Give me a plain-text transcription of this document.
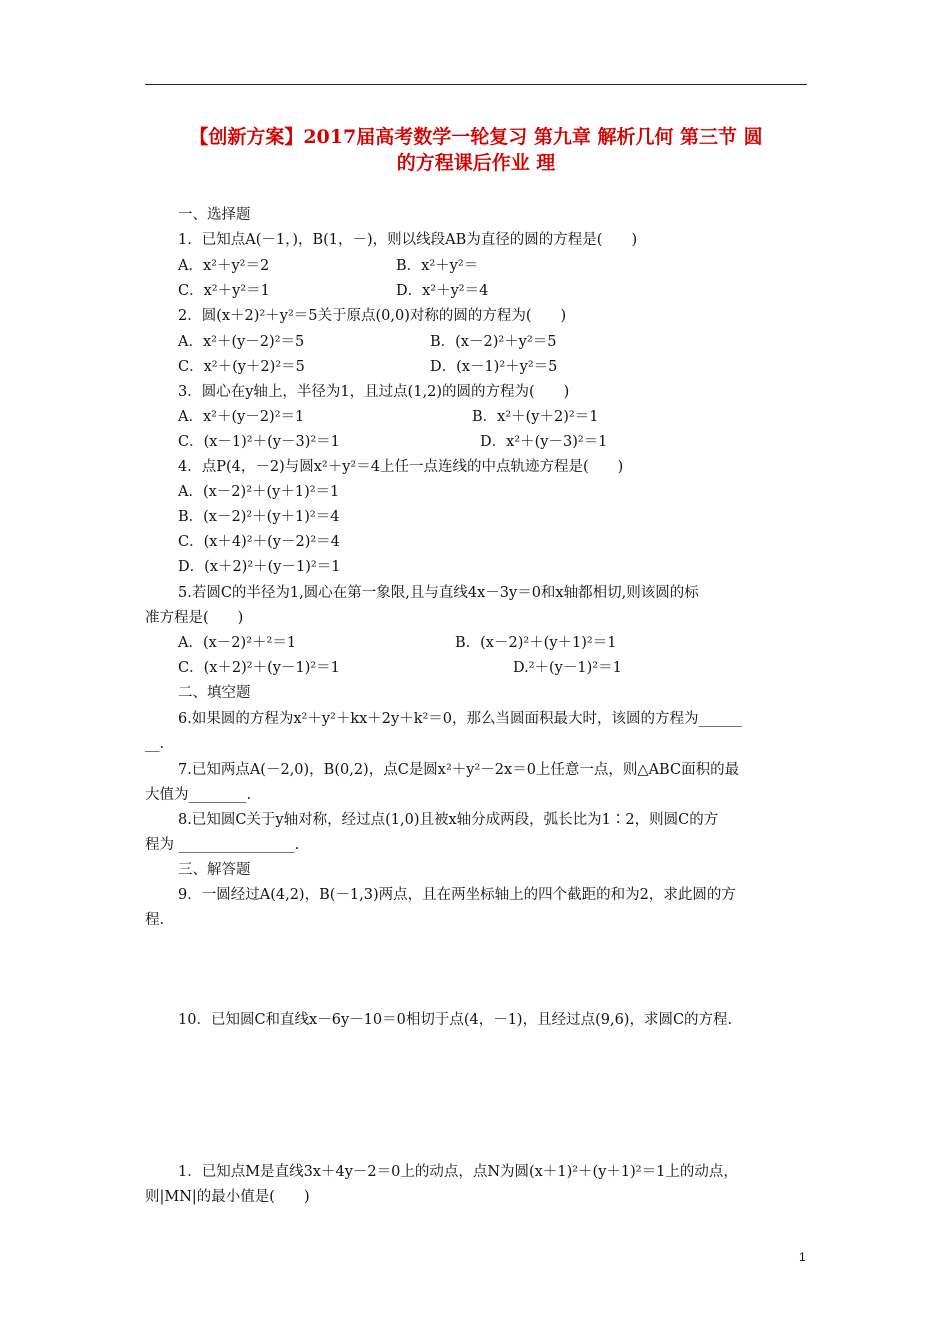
【创新方案】2017届高考数学一轮复习 第九章 解析几何 第三节 圆
的方程课后作业 理
一、选择题
1．已知点A(－1，)，B(1，－)，则以线段AB为直径的圆的方程是(　　)
A．x²＋y²＝2	B．x²＋y²＝
C．x²＋y²＝1	D．x²＋y²＝4
2．圆(x＋2)²＋y²＝5关于原点(0,0)对称的圆的方程为(　　)
A．x²＋(y－2)²＝5	B．(x－2)²＋y²＝5
C．x²＋(y＋2)²＝5	D．(x－1)²＋y²＝5
3．圆心在y轴上，半径为1，且过点(1,2)的圆的方程为(　　)
A．x²＋(y－2)²＝1	B．x²＋(y＋2)²＝1
C．(x－1)²＋(y－3)²＝1	D．x²＋(y－3)²＝1
4．点P(4，－2)与圆x²＋y²＝4上任一点连线的中点轨迹方程是(　　)
A．(x－2)²＋(y＋1)²＝1
B．(x－2)²＋(y＋1)²＝4
C．(x＋4)²＋(y－2)²＝4
D．(x＋2)²＋(y－1)²＝1
5.若圆C的半径为1,圆心在第一象限,且与直线4x－3y＝0和x轴都相切,则该圆的标
准方程是(　　)
A．(x－2)²＋²＝1	B．(x－2)²＋(y＋1)²＝1
C．(x＋2)²＋(y－1)²＝1	D.²＋(y－1)²＝1
二、填空题
6.如果圆的方程为x²＋y²＋kx＋2y＋k²＝0，那么当圆面积最大时，该圆的方程为______
__.
7.已知两点A(－2,0)，B(0,2)，点C是圆x²＋y²－2x＝0上任意一点，则△ABC面积的最
大值为________.
8.已知圆C关于y轴对称，经过点(1,0)且被x轴分成两段，弧长比为1∶2，则圆C的方
程为 ________________.
三、解答题
9．一圆经过A(4,2)，B(－1,3)两点，且在两坐标轴上的四个截距的和为2，求此圆的方
程.
10．已知圆C和直线x－6y－10＝0相切于点(4，－1)，且经过点(9,6)，求圆C的方程.
1．已知点M是直线3x＋4y－2＝0上的动点，点N为圆(x＋1)²＋(y＋1)²＝1上的动点，
则|MN|的最小值是(　　)
1
